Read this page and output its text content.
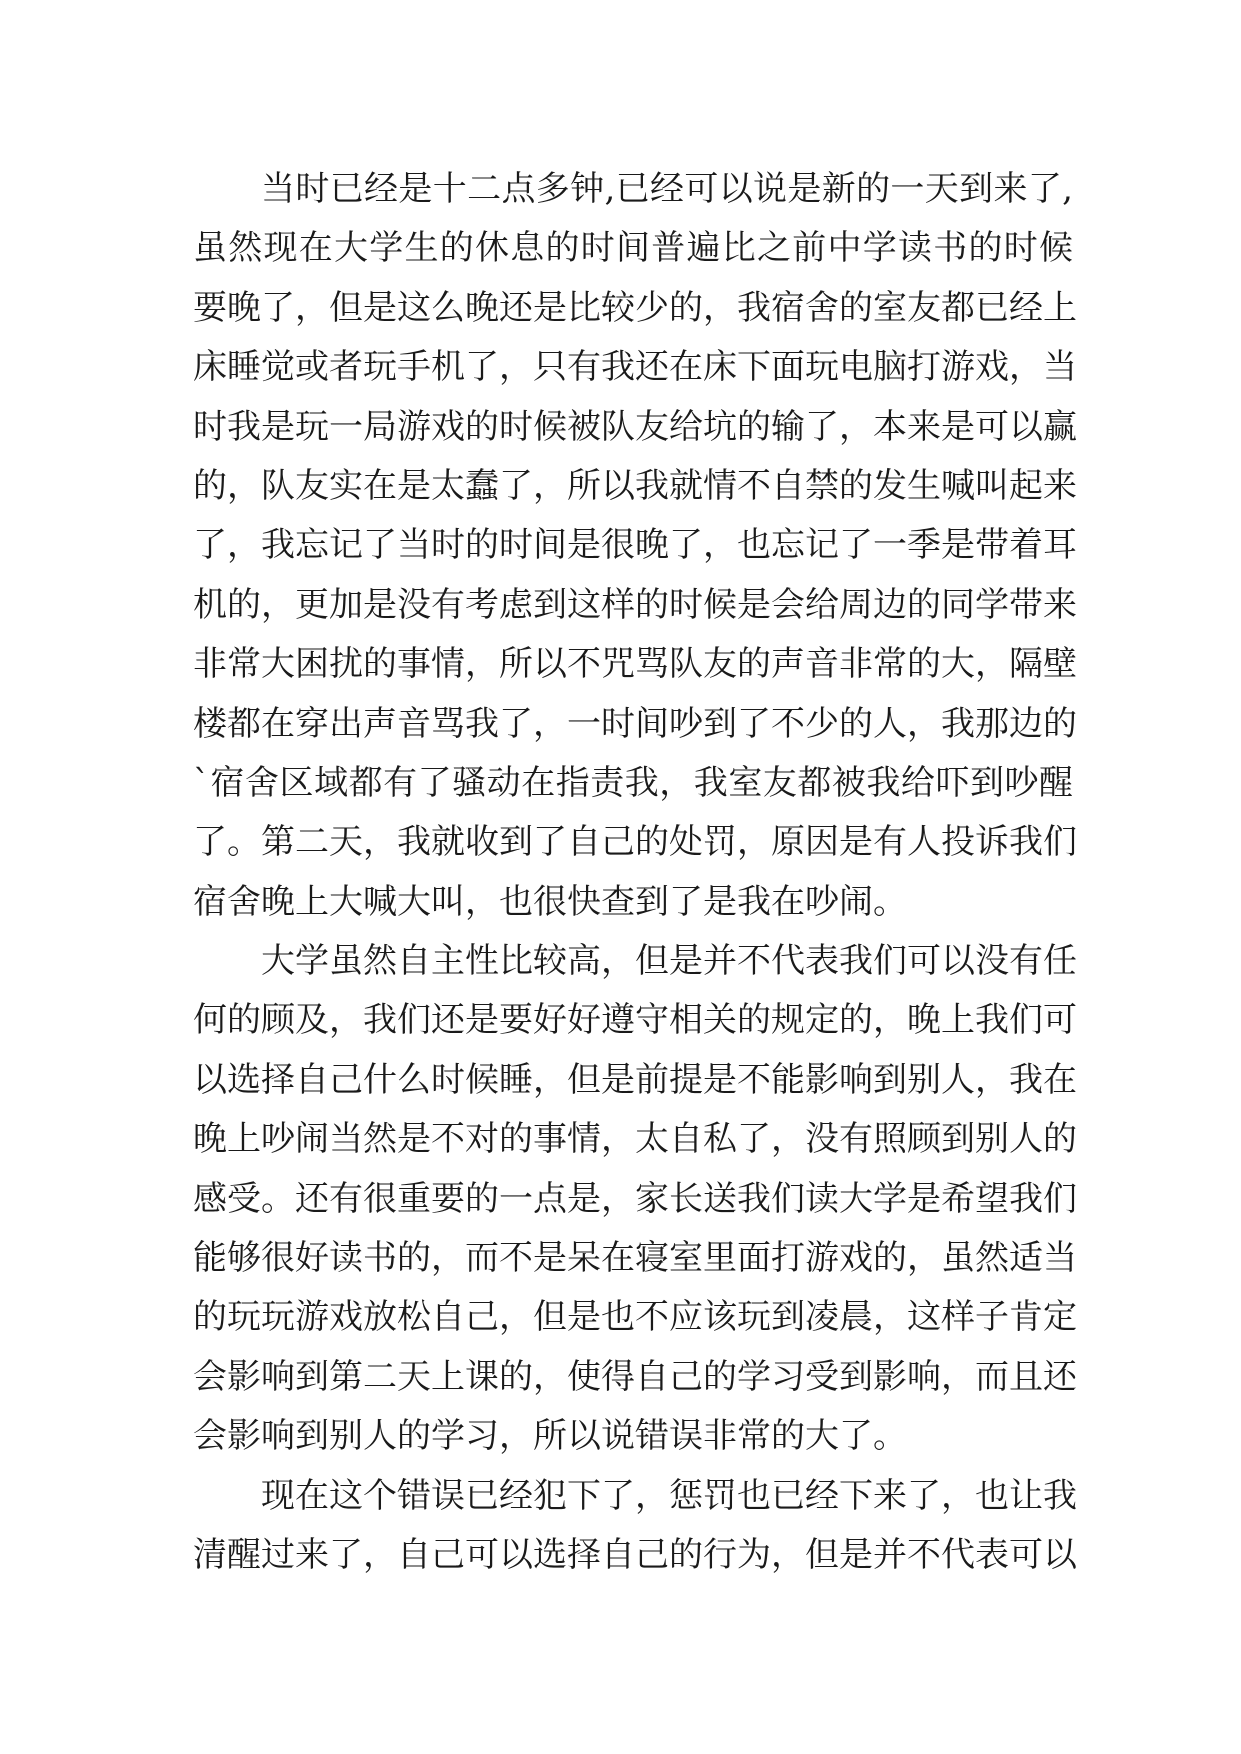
当时已经是十二点多钟,已经可以说是新的一天到来了,
虽然现在大学生的休息的时间普遍比之前中学读书的时候
要晚了，但是这么晚还是比较少的，我宿舍的室友都已经上
床睡觉或者玩手机了，只有我还在床下面玩电脑打游戏，当
时我是玩一局游戏的时候被队友给坑的输了，本来是可以赢
的，队友实在是太蠢了，所以我就情不自禁的发生喊叫起来
了，我忘记了当时的时间是很晚了，也忘记了一季是带着耳
机的，更加是没有考虑到这样的时候是会给周边的同学带来
非常大困扰的事情，所以不咒骂队友的声音非常的大，隔壁
楼都在穿出声音骂我了，一时间吵到了不少的人，我那边的
`宿舍区域都有了骚动在指责我，我室友都被我给吓到吵醒
了。第二天，我就收到了自己的处罚，原因是有人投诉我们
宿舍晚上大喊大叫，也很快查到了是我在吵闹。
大学虽然自主性比较高，但是并不代表我们可以没有任
何的顾及，我们还是要好好遵守相关的规定的，晚上我们可
以选择自己什么时候睡，但是前提是不能影响到别人，我在
晚上吵闹当然是不对的事情，太自私了，没有照顾到别人的
感受。还有很重要的一点是，家长送我们读大学是希望我们
能够很好读书的，而不是呆在寝室里面打游戏的，虽然适当
的玩玩游戏放松自己，但是也不应该玩到凌晨，这样子肯定
会影响到第二天上课的，使得自己的学习受到影响，而且还
会影响到别人的学习，所以说错误非常的大了。
现在这个错误已经犯下了，惩罚也已经下来了，也让我
清醒过来了，自己可以选择自己的行为，但是并不代表可以
